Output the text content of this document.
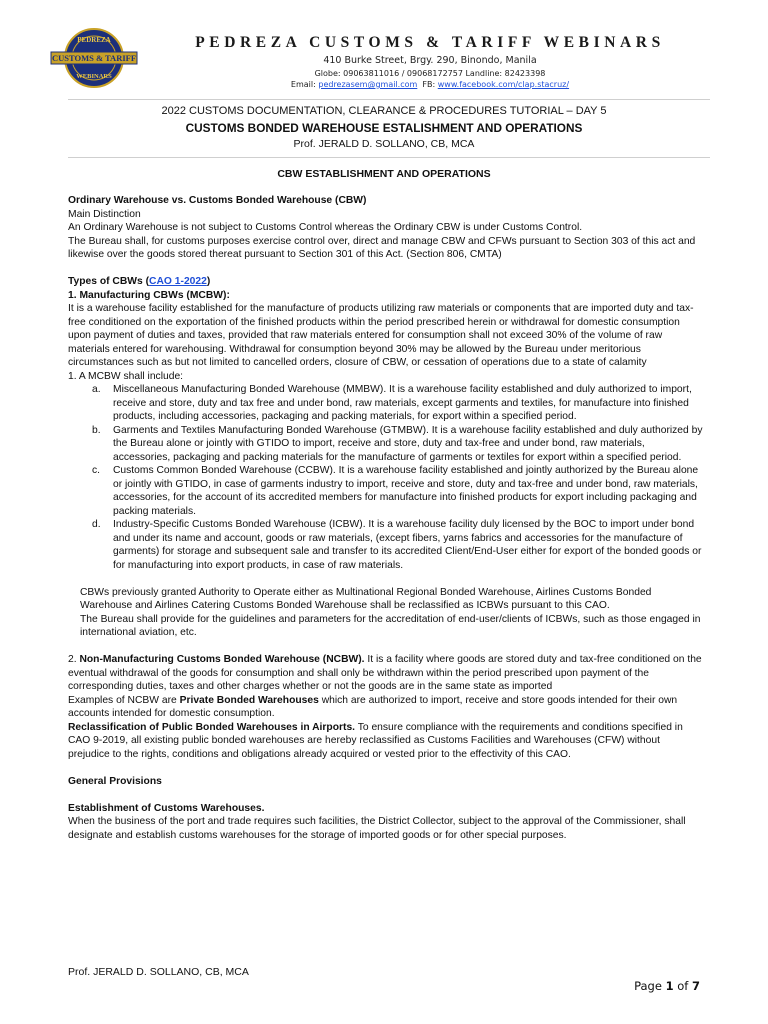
PEDREZA
CUSTOMS & TARIFF
WEBINARS
PEDREZA CUSTOMS & TARIFF WEBINARS
410 Burke Street, Brgy. 290, Binondo, Manila
Globe: 09063811016 / 09068172757 Landline: 82423398
Email: pedrezasem@gmail.com FB: www.facebook.com/clap.stacruz/
2022 CUSTOMS DOCUMENTATION, CLEARANCE & PROCEDURES TUTORIAL – DAY 5
CUSTOMS BONDED WAREHOUSE ESTALISHMENT AND OPERATIONS
Prof. JERALD D. SOLLANO, CB, MCA
CBW ESTABLISHMENT AND OPERATIONS

Ordinary Warehouse vs. Customs Bonded Warehouse (CBW)

Main Distinction

An Ordinary Warehouse is not subject to Customs Control whereas the Ordinary CBW is under Customs Control.

The Bureau shall, for customs purposes exercise control over, direct and manage CBW and CFWs pursuant to Section 303 of this act and likewise over the goods stored thereat pursuant to Section 301 of this Act. (Section 806, CMTA)

Types of CBWs (CAO 1-2022)

1. Manufacturing CBWs (MCBW):

It is a warehouse facility established for the manufacture of products utilizing raw materials or components that are imported duty and tax-free conditioned on the exportation of the finished products within the period prescribed herein or withdrawal for domestic consumption upon payment of duties and taxes, provided that raw materials entered for consumption shall not exceed 30% of the volume of raw materials entered for warehousing. Withdrawal for consumption beyond 30% may be allowed by the Bureau under meritorious circumstances such as but not limited to cancelled orders, closure of CBW, or cessation of operations due to a state of calamity

1. A MCBW shall include:

a. Miscellaneous Manufacturing Bonded Warehouse (MMBW). It is a warehouse facility established and duly authorized to import, receive and store, duty and tax free and under bond, raw materials, except garments and textiles, for manufacture into finished products, including accessories, packaging and packing materials, for export within a specified period.
b. Garments and Textiles Manufacturing Bonded Warehouse (GTMBW). It is a warehouse facility established and duly authorized by the Bureau alone or jointly with GTIDO to import, receive and store, duty and tax-free and under bond, raw materials, accessories, packaging and packing materials for the manufacture of garments or textiles for export within a specified period.
c. Customs Common Bonded Warehouse (CCBW). It is a warehouse facility established and jointly authorized by the Bureau alone or jointly with GTIDO, in case of garments industry to import, receive and store, duty and tax-free and under bond, raw materials, accessories, for the account of its accredited members for manufacture into finished products for export including packaging and packing materials.
d. Industry-Specific Customs Bonded Warehouse (ICBW). It is a warehouse facility duly licensed by the BOC to import under bond and under its name and account, goods or raw materials, (except fibers, yarns fabrics and accessories for the manufacture of garments) for storage and subsequent sale and transfer to its accredited Client/End-User either for export of the bonded goods or for manufacturing into export products, in case of raw materials.

CBWs previously granted Authority to Operate either as Multinational Regional Bonded Warehouse, Airlines Customs Bonded Warehouse and Airlines Catering Customs Bonded Warehouse shall be reclassified as ICBWs pursuant to this CAO.

The Bureau shall provide for the guidelines and parameters for the accreditation of end-user/clients of ICBWs, such as those engaged in international aviation, etc.

2. Non-Manufacturing Customs Bonded Warehouse (NCBW). It is a facility where goods are stored duty and tax-free conditioned on the eventual withdrawal of the goods for consumption and shall only be withdrawn within the period prescribed upon payment of the corresponding duties, taxes and other charges whether or not the goods are in the same state as imported

Examples of NCBW are Private Bonded Warehouses which are authorized to import, receive and store goods intended for their own accounts intended for domestic consumption.

Reclassification of Public Bonded Warehouses in Airports. To ensure compliance with the requirements and conditions specified in CAO 9-2019, all existing public bonded warehouses are hereby reclassified as Customs Facilities and Warehouses (CFW) without prejudice to the rights, conditions and obligations already acquired or vested prior to the effectivity of this CAO.

General Provisions

Establishment of Customs Warehouses.

When the business of the port and trade requires such facilities, the District Collector, subject to the approval of the Commissioner, shall designate and establish customs warehouses for the storage of imported goods or for other special purposes.

Prof. JERALD D. SOLLANO, CB, MCA
Page 1 of 7
